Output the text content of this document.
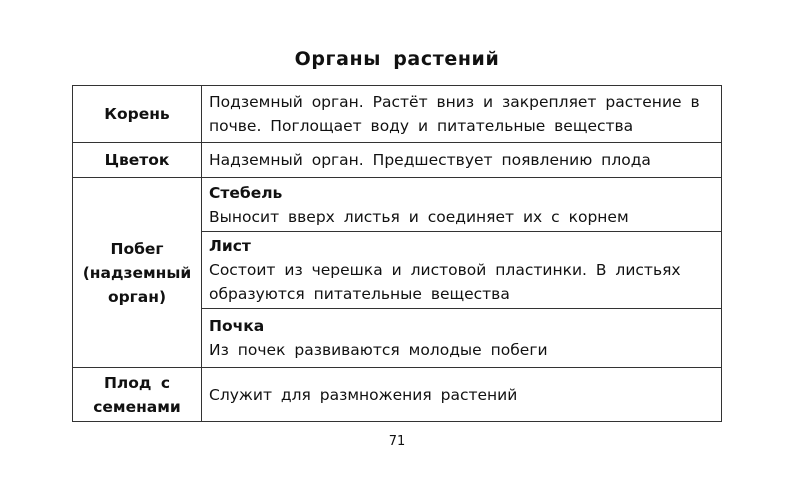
Органы растений
Корень	Подземный орган. Растёт вниз и закрепляет растение в почве. Поглощает воду и питательные вещества
Цветок	Надземный орган. Предшествует появлению плода
Побег (надземный орган)	Стебель
Выносит вверх листья и соединяет их с корнем

	Лист
Состоит из черешка и листовой пластинки. В листьях образуются питательные вещества

	Почка
Из почек развиваются молодые побеги
Плод с семенами	Служит для размножения растений
71
